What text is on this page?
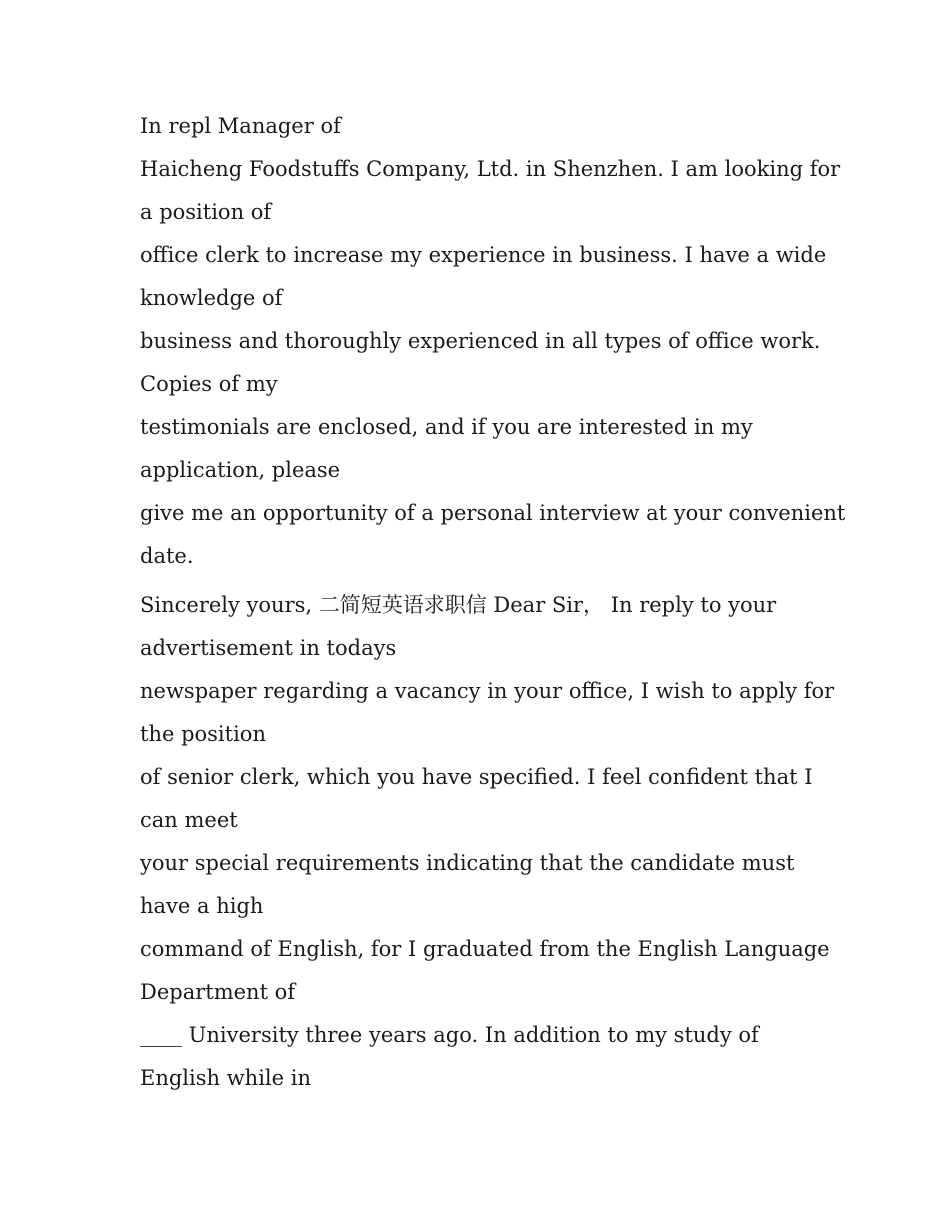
In repl Manager of
Haicheng Foodstuffs Company, Ltd. in Shenzhen. I am looking for
a position of
office clerk to increase my experience in business. I have a wide
knowledge of
business and thoroughly experienced in all types of office work.
Copies of my
testimonials are enclosed, and if you are interested in my
application, please
give me an opportunity of a personal interview at your convenient
date.
Sincerely yours, 二简短英语求职信 Dear Sir， In reply to your
advertisement in todays
newspaper regarding a vacancy in your office, I wish to apply for
the position
of senior clerk, which you have specified. I feel confident that I
can meet
your special requirements indicating that the candidate must
have a high
command of English, for I graduated from the English Language
Department of
____ University three years ago. In addition to my study of
English while in
